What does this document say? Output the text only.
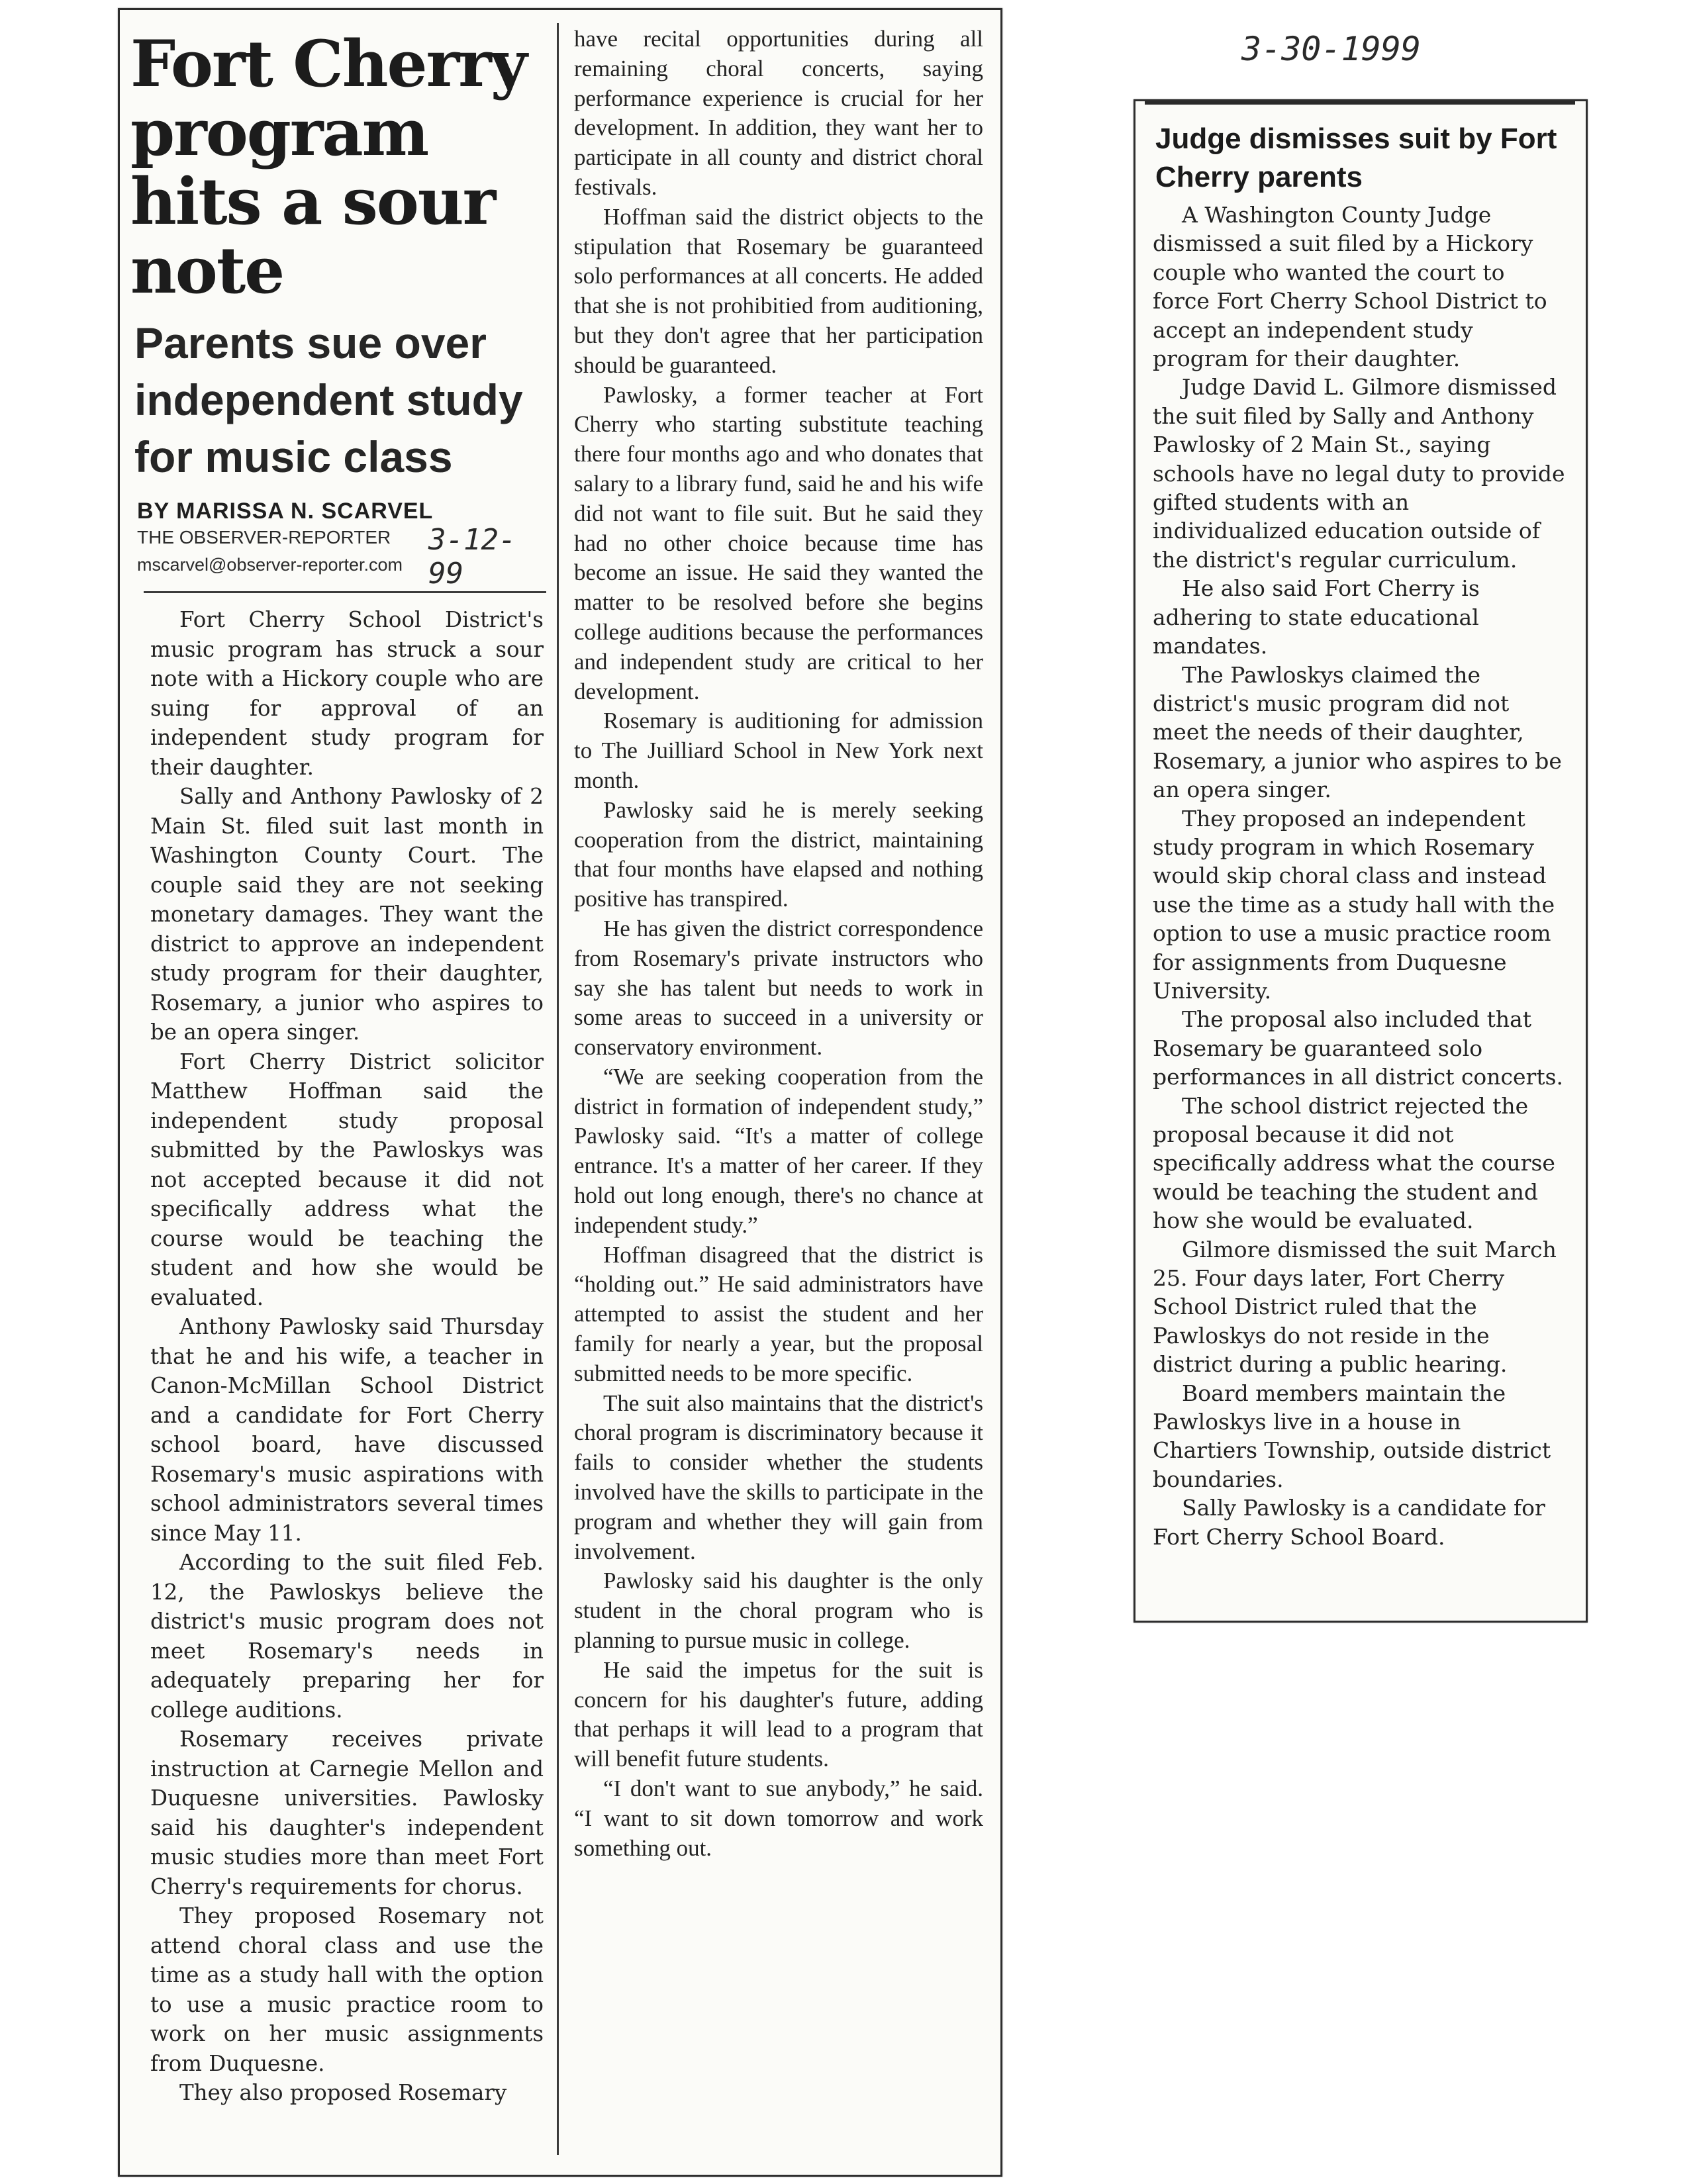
Fort Cherry program hits a sour note
Parents sue over independent study for music class
BY MARISSA N. SCARVEL
THE OBSERVER-REPORTER 3-12-99
mscarvel@observer-reporter.com

Fort Cherry School District's music program has struck a sour note with a Hickory couple who are suing for approval of an independent study program for their daughter.

Sally and Anthony Pawlosky of 2 Main St. filed suit last month in Washington County Court. The couple said they are not seeking monetary damages. They want the district to approve an independent study program for their daughter, Rosemary, a junior who aspires to be an opera singer.

Fort Cherry District solicitor Matthew Hoffman said the independent study proposal submitted by the Pawloskys was not accepted because it did not specifically address what the course would be teaching the student and how she would be evaluated.

Anthony Pawlosky said Thursday that he and his wife, a teacher in Canon-McMillan School District and a candidate for Fort Cherry school board, have discussed Rosemary's music aspirations with school administrators several times since May 11.

According to the suit filed Feb. 12, the Pawloskys believe the district's music program does not meet Rosemary's needs in adequately preparing her for college auditions.

Rosemary receives private instruction at Carnegie Mellon and Duquesne universities. Pawlosky said his daughter's independent music studies more than meet Fort Cherry's requirements for chorus.

They proposed Rosemary not attend choral class and use the time as a study hall with the option to use a music practice room to work on her music assignments from Duquesne.

They also proposed Rosemary

have recital opportunities during all remaining choral concerts, saying performance experience is crucial for her development. In addition, they want her to participate in all county and district choral festivals.

Hoffman said the district objects to the stipulation that Rosemary be guaranteed solo performances at all concerts. He added that she is not prohibitied from auditioning, but they don't agree that her participation should be guaranteed.

Pawlosky, a former teacher at Fort Cherry who starting substitute teaching there four months ago and who donates that salary to a library fund, said he and his wife did not want to file suit. But he said they had no other choice because time has become an issue. He said they wanted the matter to be resolved before she begins college auditions because the performances and independent study are critical to her development.

Rosemary is auditioning for admission to The Juilliard School in New York next month.

Pawlosky said he is merely seeking cooperation from the district, maintaining that four months have elapsed and nothing positive has transpired.

He has given the district correspondence from Rosemary's private instructors who say she has talent but needs to work in some areas to succeed in a university or conservatory environment.

“We are seeking cooperation from the district in formation of independent study,” Pawlosky said. “It's a matter of college entrance. It's a matter of her career. If they hold out long enough, there's no chance at independent study.”

Hoffman disagreed that the district is “holding out.” He said administrators have attempted to assist the student and her family for nearly a year, but the proposal submitted needs to be more specific.

The suit also maintains that the district's choral program is discriminatory because it fails to consider whether the students involved have the skills to participate in the program and whether they will gain from involvement.

Pawlosky said his daughter is the only student in the choral program who is planning to pursue music in college.

He said the impetus for the suit is concern for his daughter's future, adding that perhaps it will lead to a program that will benefit future students.

“I don't want to sue anybody,” he said. “I want to sit down tomorrow and work something out.

3-30-1999
Judge dismisses suit by Fort Cherry parents

A Washington County Judge dismissed a suit filed by a Hickory couple who wanted the court to force Fort Cherry School District to accept an independent study program for their daughter.

Judge David L. Gilmore dismissed the suit filed by Sally and Anthony Pawlosky of 2 Main St., saying schools have no legal duty to provide gifted students with an individualized education outside of the district's regular curriculum.

He also said Fort Cherry is adhering to state educational mandates.

The Pawloskys claimed the district's music program did not meet the needs of their daughter, Rosemary, a junior who aspires to be an opera singer.

They proposed an independent study program in which Rosemary would skip choral class and instead use the time as a study hall with the option to use a music practice room for assignments from Duquesne University.

The proposal also included that Rosemary be guaranteed solo performances in all district concerts.

The school district rejected the proposal because it did not specifically address what the course would be teaching the student and how she would be evaluated.

Gilmore dismissed the suit March 25. Four days later, Fort Cherry School District ruled that the Pawloskys do not reside in the district during a public hearing.

Board members maintain the Pawloskys live in a house in Chartiers Township, outside district boundaries.

Sally Pawlosky is a candidate for Fort Cherry School Board.
